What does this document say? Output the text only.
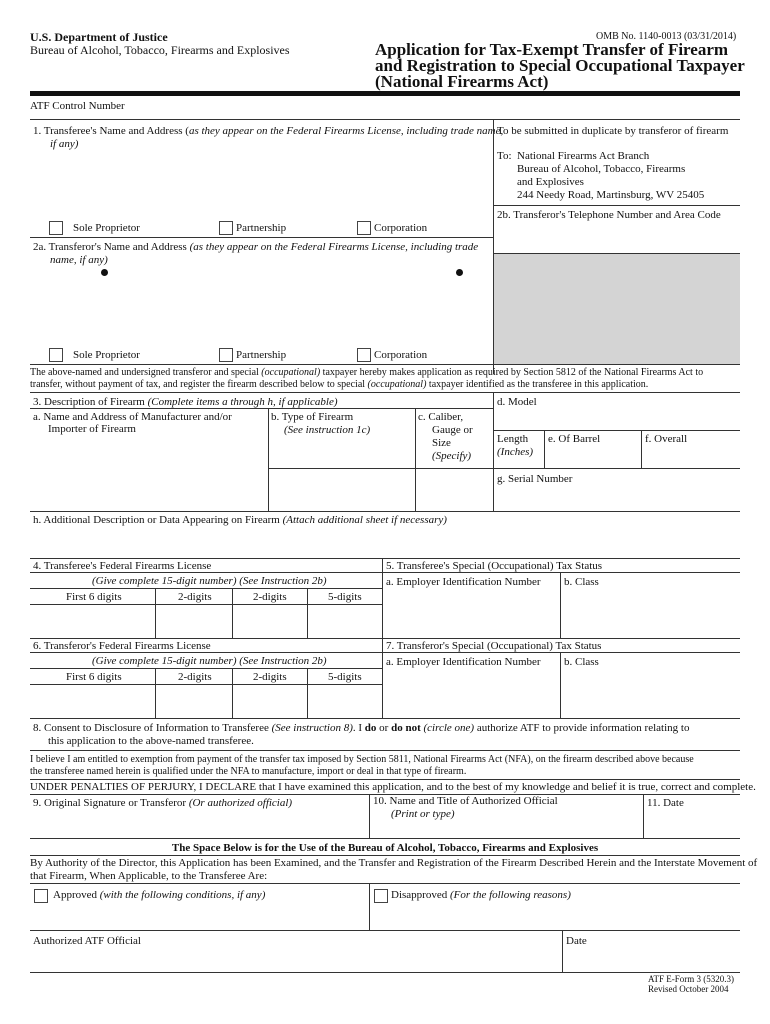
U.S. Department of Justice
Bureau of Alcohol, Tobacco, Firearms and Explosives
OMB No. 1140-0013 (03/31/2014)
Application for Tax-Exempt Transfer of Firearm
and Registration to Special Occupational Taxpayer
(National Firearms Act)
ATF Control Number
1. Transferee's Name and Address (as they appear on the Federal Firearms License, including trade name,
if any)
To be submitted in duplicate by transferor of firearm
To: National Firearms Act Branch
Bureau of Alcohol, Tobacco, Firearms
and Explosives
244 Needy Road, Martinsburg, WV 25405
2b. Transferor's Telephone Number and Area Code
Sole Proprietor	Partnership	Corporation
2a. Transferor's Name and Address (as they appear on the Federal Firearms License, including trade
name, if any)
Sole Proprietor	Partnership	Corporation
The above-named and undersigned transferor and special (occupational) taxpayer hereby makes application as required by Section 5812 of the National Firearms Act to
transfer, without payment of tax, and register the firearm described below to special (occupational) taxpayer identified as the transferee in this application.
3. Description of Firearm (Complete items a through h, if applicable)	d. Model
a. Name and Address of Manufacturer and/or
Importer of Firearm
b. Type of Firearm
(See instruction 1c)
c. Caliber,
Gauge or
Size
(Specify)
Length
(Inches)
e. Of Barrel	f. Overall
g. Serial Number
h. Additional Description or Data Appearing on Firearm (Attach additional sheet if necessary)
4. Transferee's Federal Firearms License
(Give complete 15-digit number) (See Instruction 2b)
5. Transferee's Special (Occupational) Tax Status
a. Employer Identification Number b. Class
First 6 digits	2-digits	2-digits	5-digits
6. Transferor's Federal Firearms License
(Give complete 15-digit number) (See Instruction 2b)
7. Transferor's Special (Occupational) Tax Status
a. Employer Identification Number b. Class
First 6 digits	2-digits	2-digits	5-digits
8. Consent to Disclosure of Information to Transferee (See instruction 8). I do or do not (circle one) authorize ATF to provide information relating to
this application to the above-named transferee.
I believe I am entitled to exemption from payment of the transfer tax imposed by Section 5811, National Firearms Act (NFA), on the firearm described above because
the transferee named herein is qualified under the NFA to manufacture, import or deal in that type of firearm.
UNDER PENALTIES OF PERJURY, I DECLARE that I have examined this application, and to the best of my knowledge and belief it is true, correct and complete.
9. Original Signature or Transferor (Or authorized official)	10. Name and Title of Authorized Official
(Print or type)
11. Date
The Space Below is for the Use of the Bureau of Alcohol, Tobacco, Firearms and Explosives
By Authority of the Director, this Application has been Examined, and the Transfer and Registration of the Firearm Described Herein and the Interstate Movement of
that Firearm, When Applicable, to the Transferee Are:
Approved (with the following conditions, if any)	Disapproved (For the following reasons)
Authorized ATF Official	Date
ATF E-Form 3 (5320.3)
Revised October 2004
